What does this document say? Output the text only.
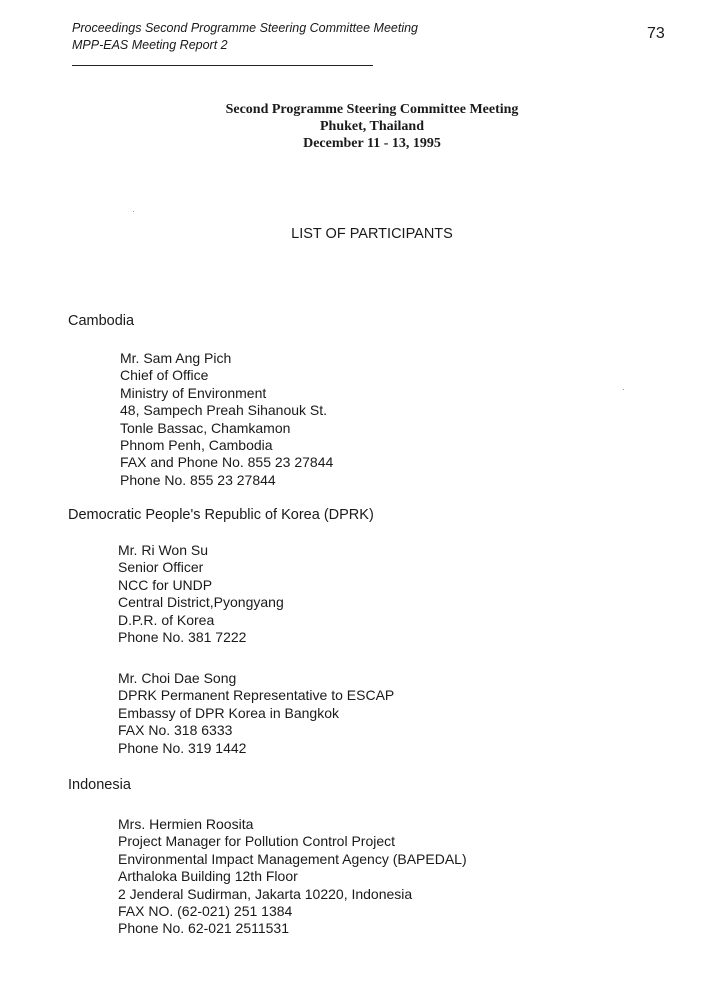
Proceedings Second Programme Steering Committee Meeting
MPP-EAS Meeting Report 2
73
Second Programme Steering Committee Meeting
Phuket, Thailand
December 11 - 13, 1995
LIST OF PARTICIPANTS
Cambodia
Mr. Sam Ang Pich
Chief of Office
Ministry of Environment
48, Sampech Preah Sihanouk St.
Tonle Bassac, Chamkamon
Phnom Penh, Cambodia
FAX and Phone No. 855 23 27844
Phone No. 855 23 27844
Democratic People's Republic of Korea (DPRK)
Mr. Ri Won Su
Senior Officer
NCC for UNDP
Central District,Pyongyang
D.P.R. of Korea
Phone No. 381 7222
Mr. Choi Dae Song
DPRK Permanent Representative to ESCAP
Embassy of DPR Korea in Bangkok
FAX No. 318 6333
Phone No. 319 1442
Indonesia
Mrs. Hermien Roosita
Project Manager for Pollution Control Project
Environmental Impact Management Agency (BAPEDAL)
Arthaloka Building 12th Floor
2 Jenderal Sudirman, Jakarta 10220, Indonesia
FAX NO. (62-021) 251 1384
Phone No. 62-021 2511531
